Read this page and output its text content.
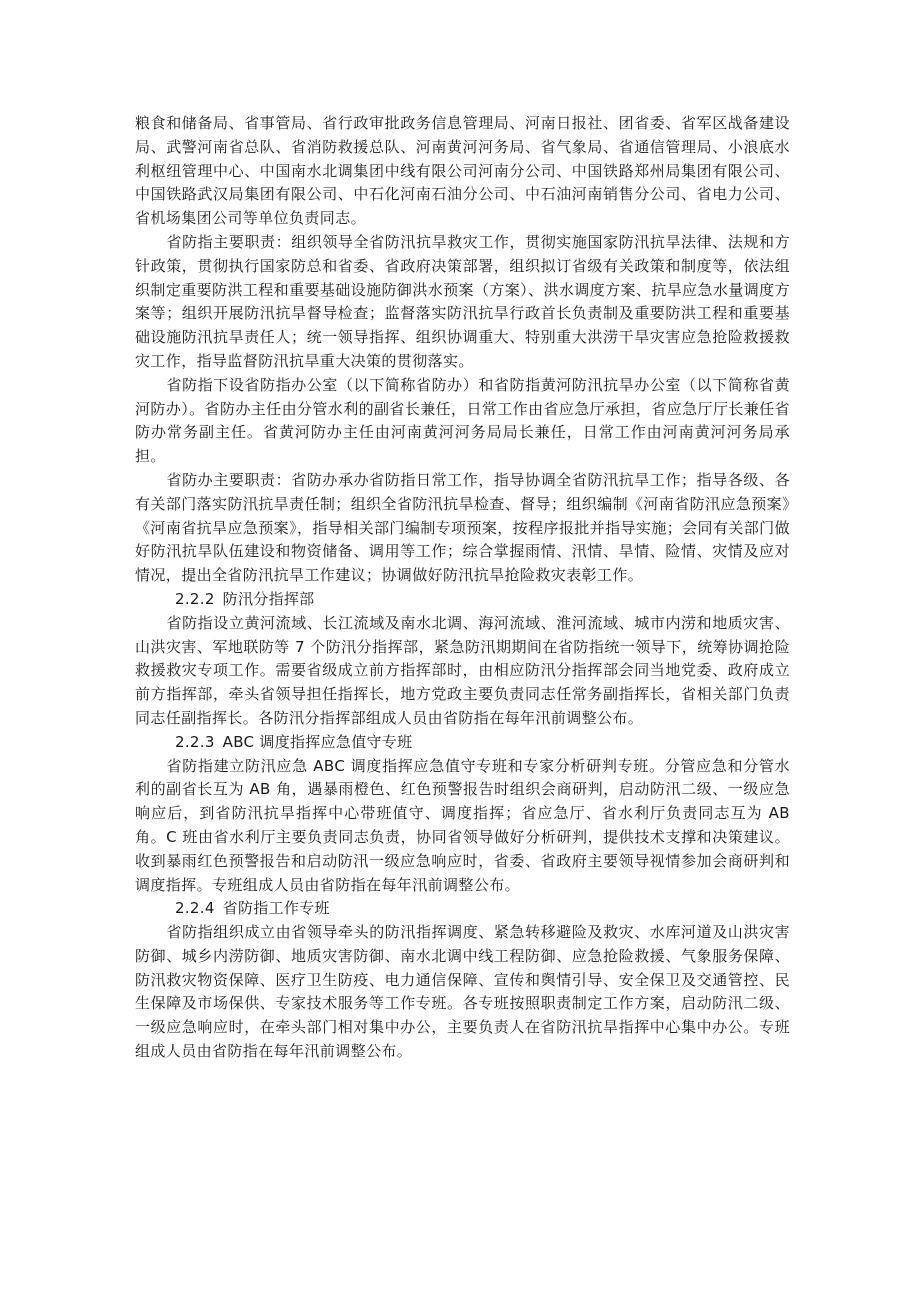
粮食和储备局、省事管局、省行政审批政务信息管理局、河南日报社、团省委、省军区战备建设局、武警河南省总队、省消防救援总队、河南黄河河务局、省气象局、省通信管理局、小浪底水利枢纽管理中心、中国南水北调集团中线有限公司河南分公司、中国铁路郑州局集团有限公司、中国铁路武汉局集团有限公司、中石化河南石油分公司、中石油河南销售分公司、省电力公司、省机场集团公司等单位负责同志。

省防指主要职责：组织领导全省防汛抗旱救灾工作，贯彻实施国家防汛抗旱法律、法规和方针政策，贯彻执行国家防总和省委、省政府决策部署，组织拟订省级有关政策和制度等，依法组织制定重要防洪工程和重要基础设施防御洪水预案（方案）、洪水调度方案、抗旱应急水量调度方案等；组织开展防汛抗旱督导检查；监督落实防汛抗旱行政首长负责制及重要防洪工程和重要基础设施防汛抗旱责任人；统一领导指挥、组织协调重大、特别重大洪涝干旱灾害应急抢险救援救灾工作，指导监督防汛抗旱重大决策的贯彻落实。

省防指下设省防指办公室（以下简称省防办）和省防指黄河防汛抗旱办公室（以下简称省黄河防办）。省防办主任由分管水利的副省长兼任，日常工作由省应急厅承担，省应急厅厅长兼任省防办常务副主任。省黄河防办主任由河南黄河河务局局长兼任，日常工作由河南黄河河务局承担。

省防办主要职责：省防办承办省防指日常工作，指导协调全省防汛抗旱工作；指导各级、各有关部门落实防汛抗旱责任制；组织全省防汛抗旱检查、督导；组织编制《河南省防汛应急预案》《河南省抗旱应急预案》，指导相关部门编制专项预案，按程序报批并指导实施；会同有关部门做好防汛抗旱队伍建设和物资储备、调用等工作；综合掌握雨情、汛情、旱情、险情、灾情及应对情况，提出全省防汛抗旱工作建议；协调做好防汛抗旱抢险救灾表彰工作。

2.2.2 防汛分指挥部

省防指设立黄河流域、长江流域及南水北调、海河流域、淮河流域、城市内涝和地质灾害、山洪灾害、军地联防等 7 个防汛分指挥部，紧急防汛期期间在省防指统一领导下，统筹协调抢险救援救灾专项工作。需要省级成立前方指挥部时，由相应防汛分指挥部会同当地党委、政府成立前方指挥部，牵头省领导担任指挥长，地方党政主要负责同志任常务副指挥长，省相关部门负责同志任副指挥长。各防汛分指挥部组成人员由省防指在每年汛前调整公布。

2.2.3 ABC 调度指挥应急值守专班

省防指建立防汛应急 ABC 调度指挥应急值守专班和专家分析研判专班。分管应急和分管水利的副省长互为 AB 角，遇暴雨橙色、红色预警报告时组织会商研判，启动防汛二级、一级应急响应后，到省防汛抗旱指挥中心带班值守、调度指挥；省应急厅、省水利厅负责同志互为 AB 角。C 班由省水利厅主要负责同志负责，协同省领导做好分析研判，提供技术支撑和决策建议。收到暴雨红色预警报告和启动防汛一级应急响应时，省委、省政府主要领导视情参加会商研判和调度指挥。专班组成人员由省防指在每年汛前调整公布。

2.2.4 省防指工作专班

省防指组织成立由省领导牵头的防汛指挥调度、紧急转移避险及救灾、水库河道及山洪灾害防御、城乡内涝防御、地质灾害防御、南水北调中线工程防御、应急抢险救援、气象服务保障、防汛救灾物资保障、医疗卫生防疫、电力通信保障、宣传和舆情引导、安全保卫及交通管控、民生保障及市场保供、专家技术服务等工作专班。各专班按照职责制定工作方案，启动防汛二级、一级应急响应时，在牵头部门相对集中办公，主要负责人在省防汛抗旱指挥中心集中办公。专班组成人员由省防指在每年汛前调整公布。
